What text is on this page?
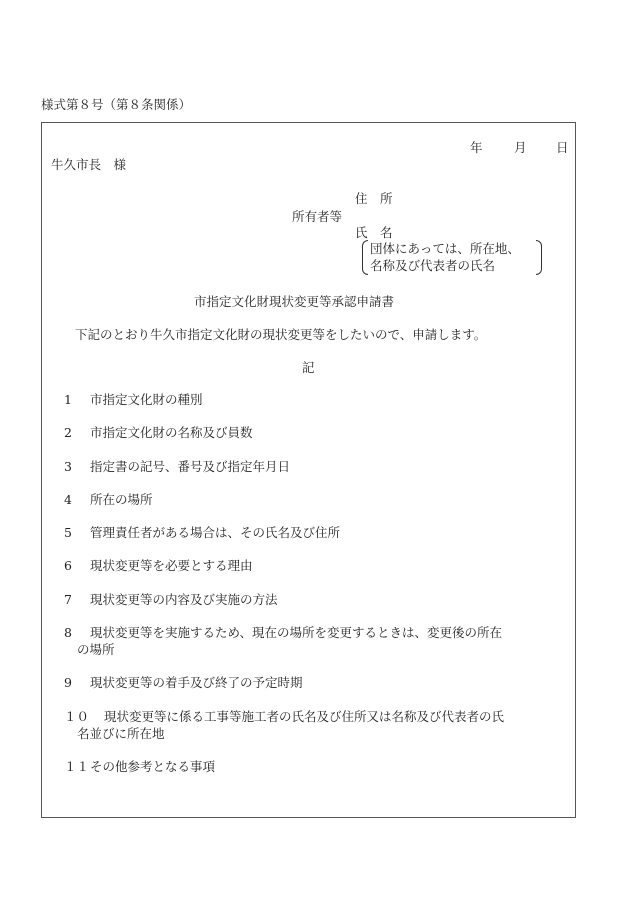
様式第８号（第８条関係）
年	月 日
牛久市長　様
住　所
所有者等
氏　名
団体にあっては、所在地、
名称及び代表者の氏名
市指定文化財現状変更等承認申請書
下記のとおり牛久市指定文化財の現状変更等をしたいので、申請します。
記
1 市指定文化財の種別
2 市指定文化財の名称及び員数
3 指定書の記号、番号及び指定年月日
4 所在の場所
5 管理責任者がある場合は、その氏名及び住所
6 現状変更等を必要とする理由
7 現状変更等の内容及び実施の方法
8 現状変更等を実施するため、現在の場所を変更するときは、変更後の所在
の場所
9 現状変更等の着手及び終了の予定時期
１０ 現状変更等に係る工事等施工者の氏名及び住所又は名称及び代表者の氏
名並びに所在地
１１ その他参考となる事項
